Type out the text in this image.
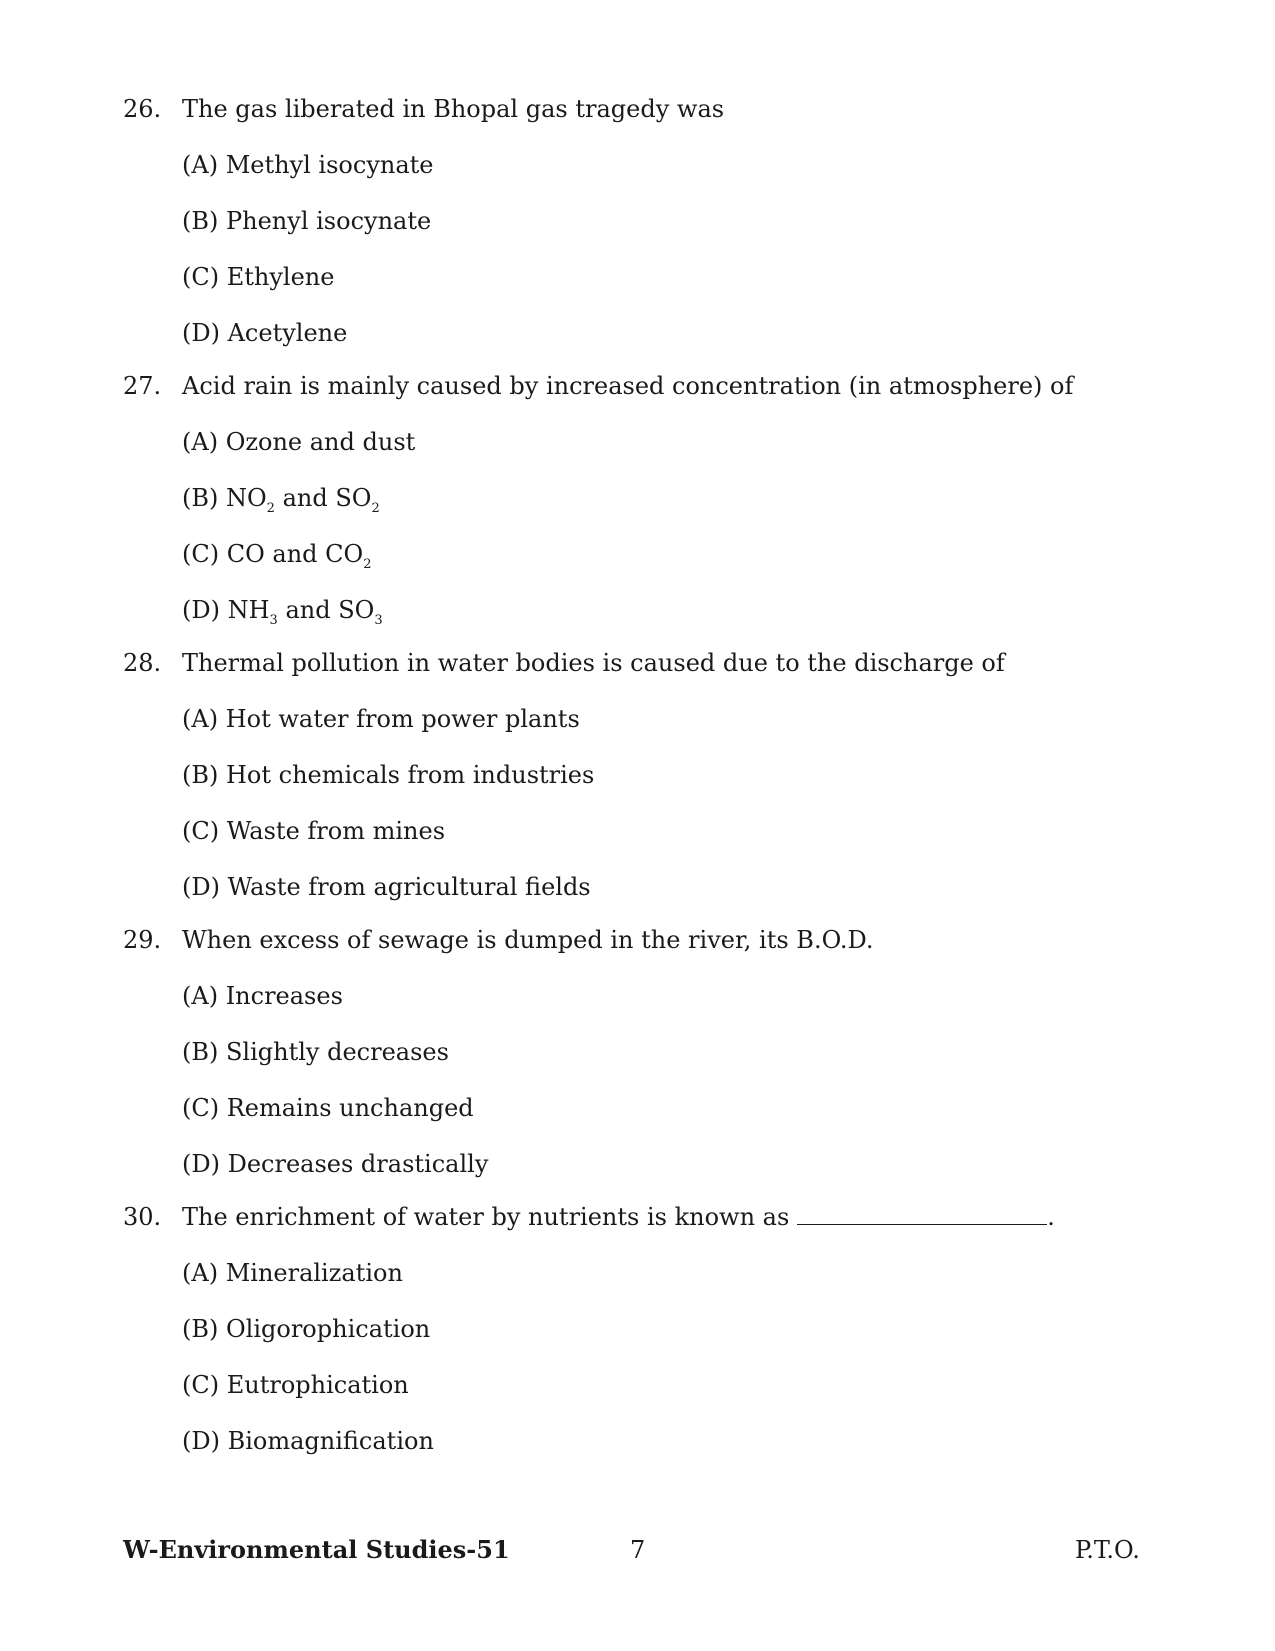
26. The gas liberated in Bhopal gas tragedy was
(A) Methyl isocynate
(B) Phenyl isocynate
(C) Ethylene
(D) Acetylene
27. Acid rain is mainly caused by increased concentration (in atmosphere) of
(A) Ozone and dust
(B) $NO_2$ and $SO_2$
(C) CO and $CO_2$
(D) $NH_3$ and $SO_3$
28. Thermal pollution in water bodies is caused due to the discharge of
(A) Hot water from power plants
(B) Hot chemicals from industries
(C) Waste from mines
(D) Waste from agricultural fields
29. When excess of sewage is dumped in the river, its B.O.D.
(A) Increases
(B) Slightly decreases
(C) Remains unchanged
(D) Decreases drastically
30. The enrichment of water by nutrients is known as	.
(A) Mineralization
(B) Oligorophication
(C) Eutrophication
(D) Biomagnification
W-Environmental Studies-51	7	P.T.O.
